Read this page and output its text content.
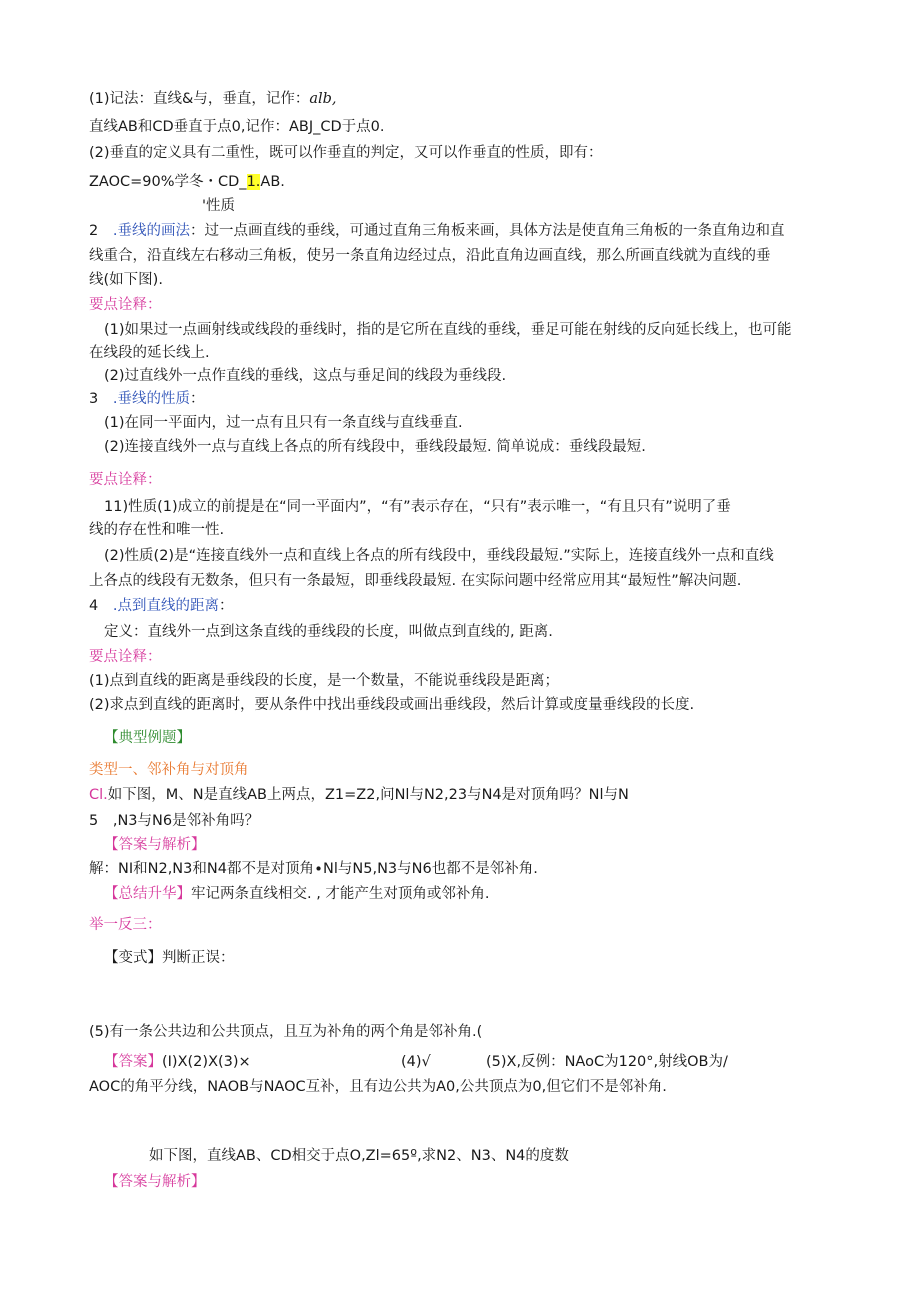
(1)记法：直线&与，垂直，记作：alb,
直线AB和CD垂直于点0,记作：ABJ_CD于点0.
(2)垂直的定义具有二重性，既可以作垂直的判定，又可以作垂直的性质，即有：
ZAOC=90%学冬・CD_1.AB.
'性质
2 .垂线的画法：过一点画直线的垂线，可通过直角三角板来画，具体方法是使直角三角板的一条直角边和直
线重合，沿直线左右移动三角板，使另一条直角边经过点，沿此直角边画直线，那么所画直线就为直线的垂
线(如下图).
要点诠释：
(1)如果过一点画射线或线段的垂线时，指的是它所在直线的垂线，垂足可能在射线的反向延长线上，也可能
在线段的延长线上.
(2)过直线外一点作直线的垂线，这点与垂足间的线段为垂线段.
3 .垂线的性质：
(1)在同一平面内，过一点有且只有一条直线与直线垂直.
(2)连接直线外一点与直线上各点的所有线段中，垂线段最短. 简单说成：垂线段最短.
要点诠释：
11)性质(1)成立的前提是在“同一平面内”，“有”表示存在，“只有”表示唯一，“有且只有”说明了垂
线的存在性和唯一性.
(2)性质(2)是“连接直线外一点和直线上各点的所有线段中，垂线段最短.”实际上，连接直线外一点和直线
上各点的线段有无数条，但只有一条最短，即垂线段最短. 在实际问题中经常应用其“最短性”解决问题.
4 .点到直线的距离：
定义：直线外一点到这条直线的垂线段的长度，叫做点到直线的, 距离.
要点诠释：
(1)点到直线的距离是垂线段的长度，是一个数量，不能说垂线段是距离；
(2)求点到直线的距离时，要从条件中找出垂线段或画出垂线段，然后计算或度量垂线段的长度.
【典型例题】
类型一、邻补角与对顶角
Cl.如下图，M、N是直线AB上两点，Z1=Z2,问Nl与N2,23与N4是对顶角吗？Nl与N
5 ,N3与N6是邻补角吗？
【答案与解析】
解：NI和N2,N3和N4都不是对顶角∙Nl与N5,N3与N6也都不是邻补角.
【总结升华】牢记两条直线相交. , 才能产生对顶角或邻补角.
举一反三：
【变式】判断正误：
(5)有一条公共边和公共顶点，且互为补角的两个角是邻补角.(
【答案】(I)X(2)X(3)×	(4)√	(5)X,反例：NAoC为120°,射线OB为/
AOC的角平分线，NAOB与NAOC互补，且有边公共为A0,公共顶点为0,但它们不是邻补角.
如下图，直线AB、CD相交于点O,Zl=65º,求N2、N3、N4的度数
【答案与解析】
